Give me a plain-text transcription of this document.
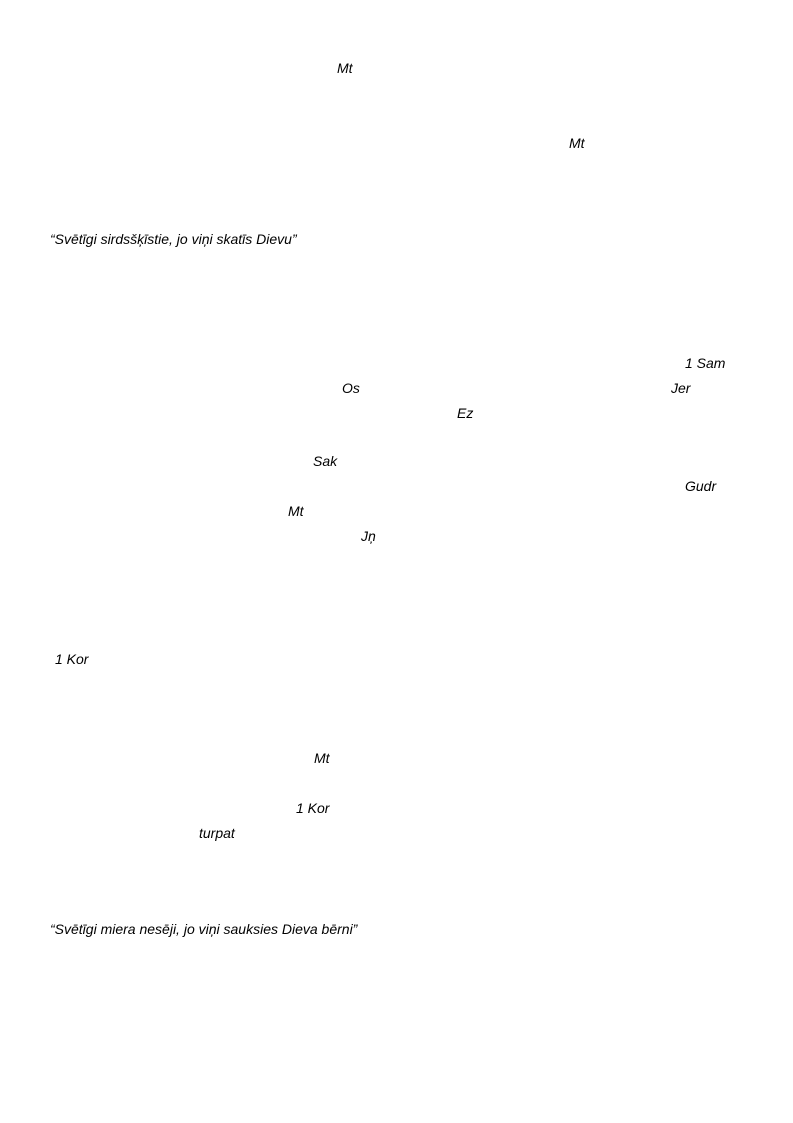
Mt
Mt
“Svētīgi sirdsšķīstie, jo viņi skatīs Dievu”
1 Sam
Os	Jer
Ez
Sak
Gudr
Mt
Jņ
1 Kor
Mt
1 Kor
turpat
“Svētīgi miera nesēji, jo viņi sauksies Dieva bērni”
